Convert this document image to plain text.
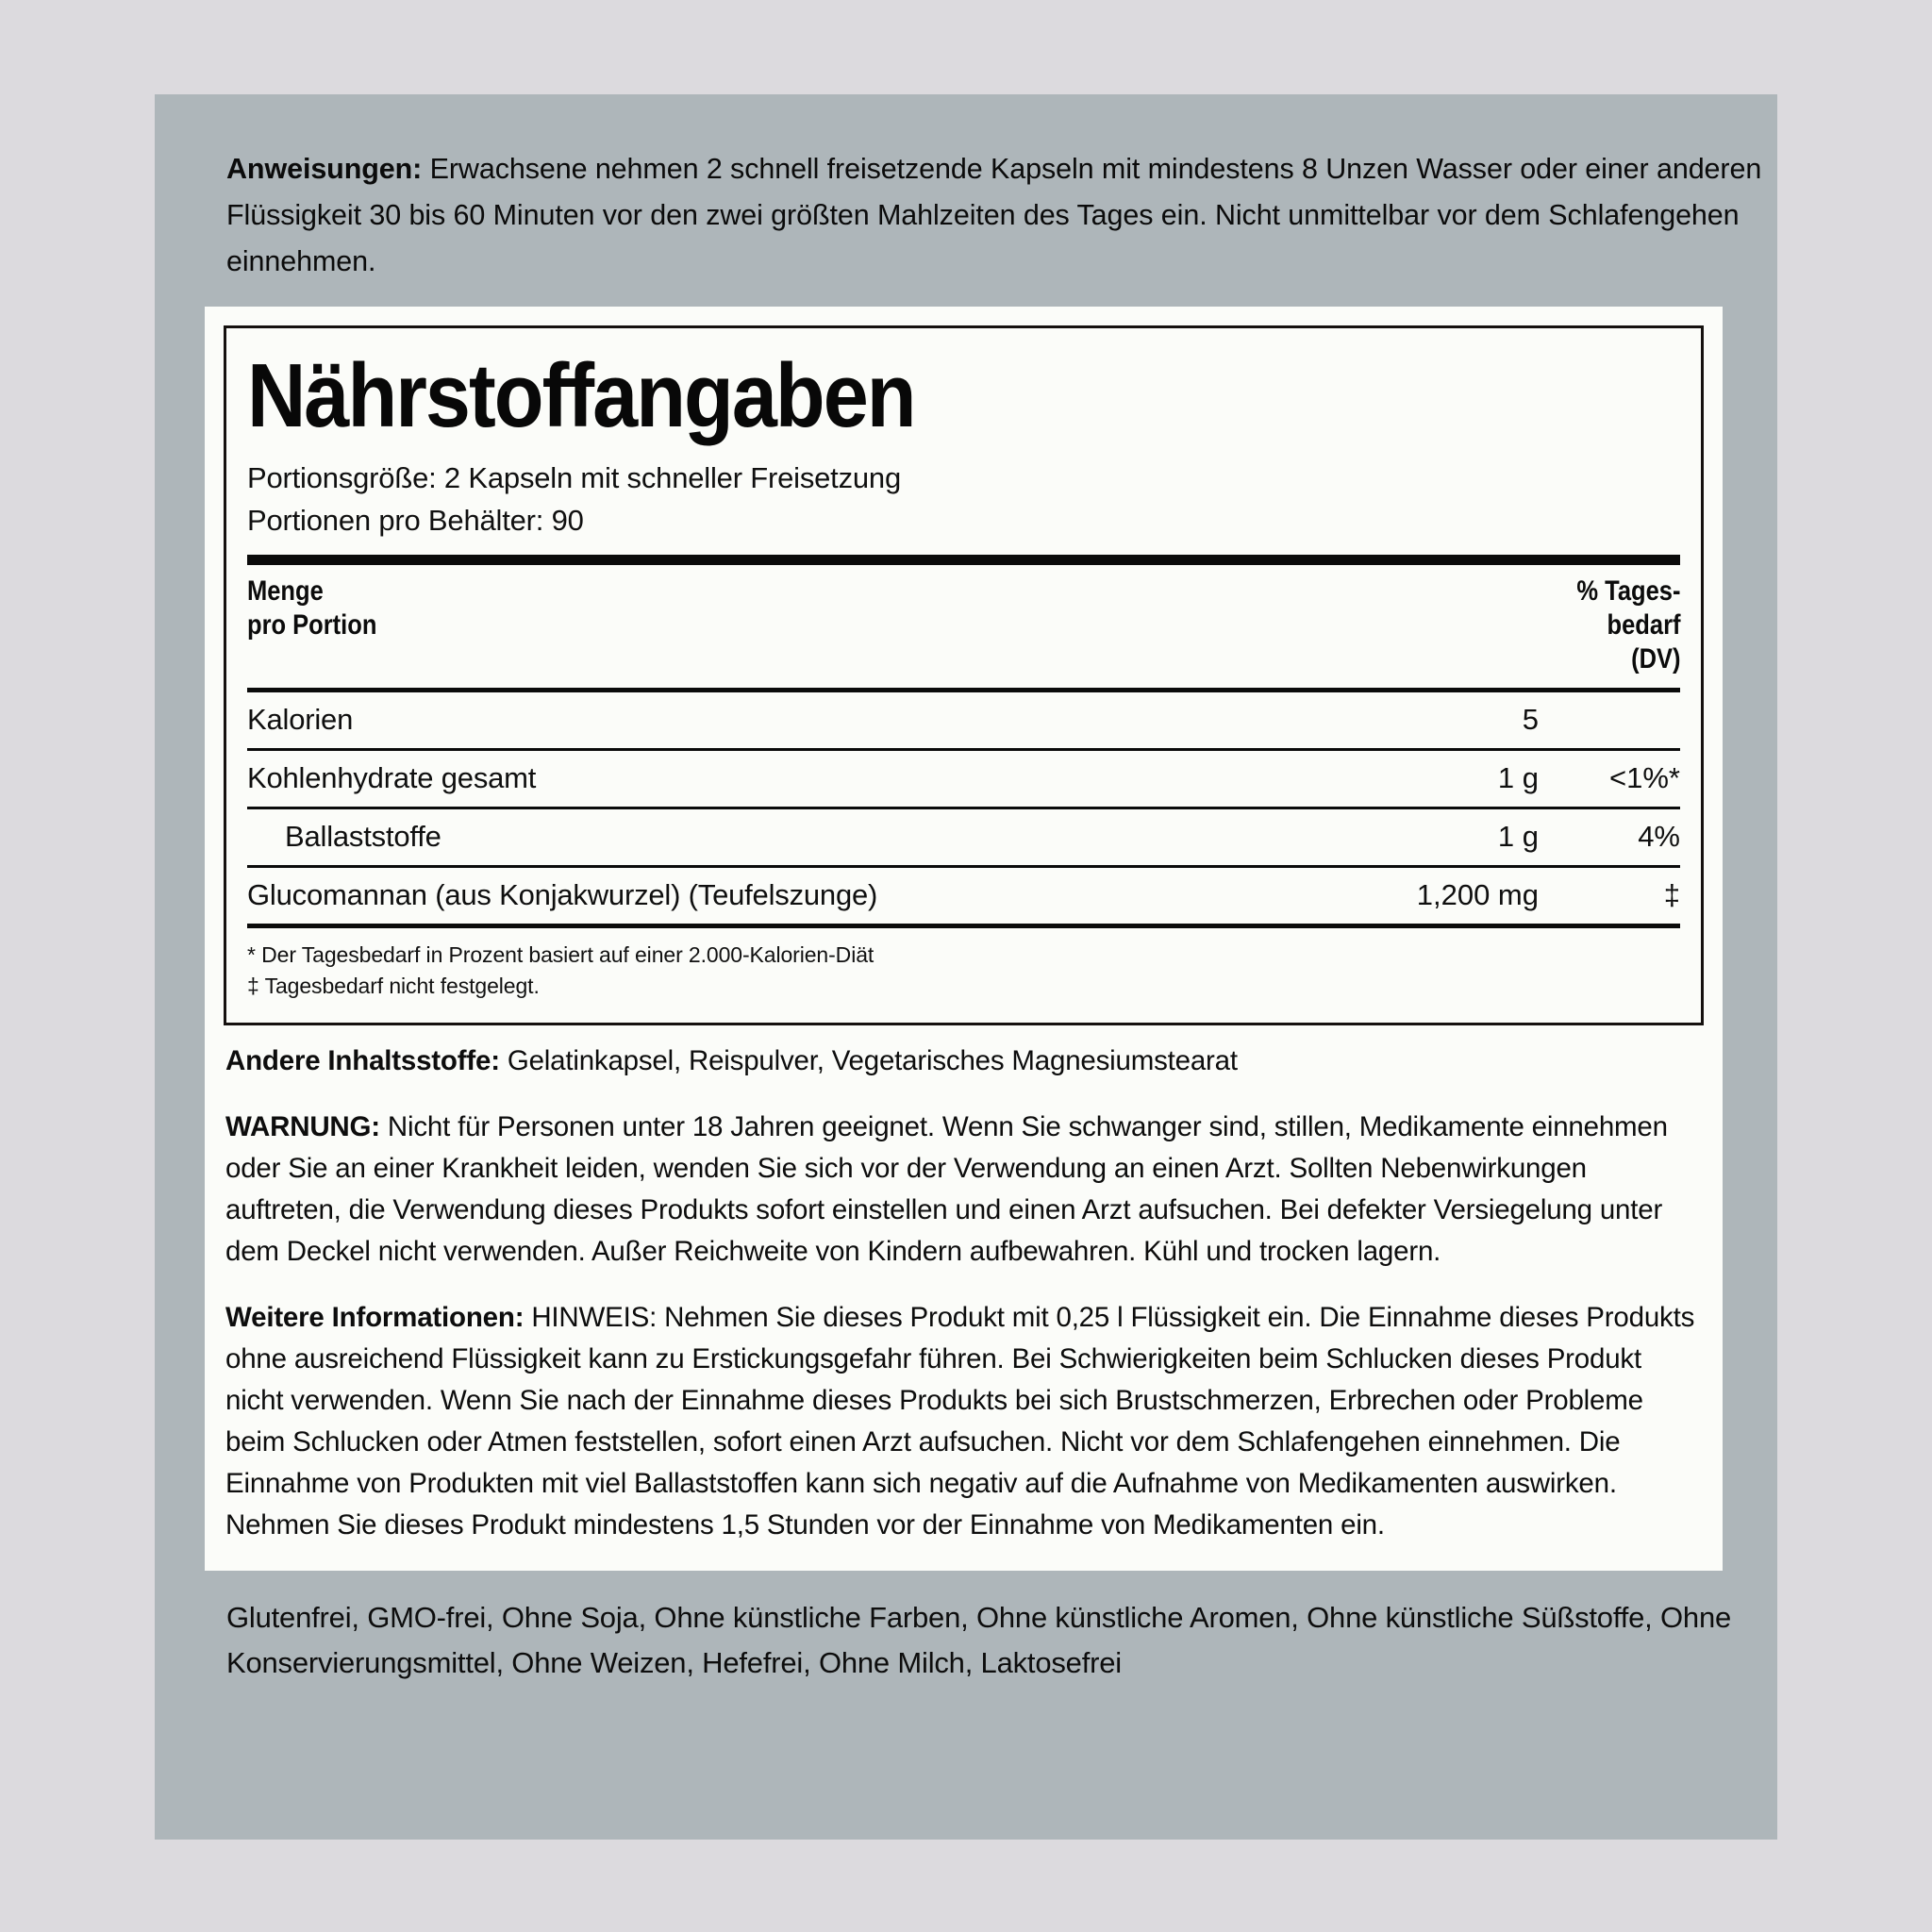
Anweisungen: Erwachsene nehmen 2 schnell freisetzende Kapseln mit mindestens 8 Unzen Wasser oder einer anderen Flüssigkeit 30 bis 60 Minuten vor den zwei größten Mahlzeiten des Tages ein. Nicht unmittelbar vor dem Schlafengehen einnehmen.
Nährstoffangaben
Portionsgröße: 2 Kapseln mit schneller Freisetzung
Portionen pro Behälter: 90
Menge
pro Portion
% Tages-
bedarf
(DV)
Kalorien	5
Kohlenhydrate gesamt	1 g	<1%*
Ballaststoffe	1 g	4%
Glucomannan (aus Konjakwurzel) (Teufelszunge)	1,200 mg	‡
* Der Tagesbedarf in Prozent basiert auf einer 2.000-Kalorien-Diät
‡ Tagesbedarf nicht festgelegt.

Andere Inhaltsstoffe: Gelatinkapsel, Reispulver, Vegetarisches Magnesiumstearat

WARNUNG: Nicht für Personen unter 18 Jahren geeignet. Wenn Sie schwanger sind, stillen, Medikamente einnehmen oder Sie an einer Krankheit leiden, wenden Sie sich vor der Verwendung an einen Arzt. Sollten Nebenwirkungen auftreten, die Verwendung dieses Produkts sofort einstellen und einen Arzt aufsuchen. Bei defekter Versiegelung unter dem Deckel nicht verwenden. Außer Reichweite von Kindern aufbewahren. Kühl und trocken lagern.

Weitere Informationen: HINWEIS: Nehmen Sie dieses Produkt mit 0,25 l Flüssigkeit ein. Die Einnahme dieses Produkts ohne ausreichend Flüssigkeit kann zu Erstickungsgefahr führen. Bei Schwierigkeiten beim Schlucken dieses Produkt nicht verwenden. Wenn Sie nach der Einnahme dieses Produkts bei sich Brustschmerzen, Erbrechen oder Probleme beim Schlucken oder Atmen feststellen, sofort einen Arzt aufsuchen. Nicht vor dem Schlafengehen einnehmen. Die Einnahme von Produkten mit viel Ballaststoffen kann sich negativ auf die Aufnahme von Medikamenten auswirken. Nehmen Sie dieses Produkt mindestens 1,5 Stunden vor der Einnahme von Medikamenten ein.

Glutenfrei, GMO-frei, Ohne Soja, Ohne künstliche Farben, Ohne künstliche Aromen, Ohne künstliche Süßstoffe, Ohne Konservierungsmittel, Ohne Weizen, Hefefrei, Ohne Milch, Laktosefrei
